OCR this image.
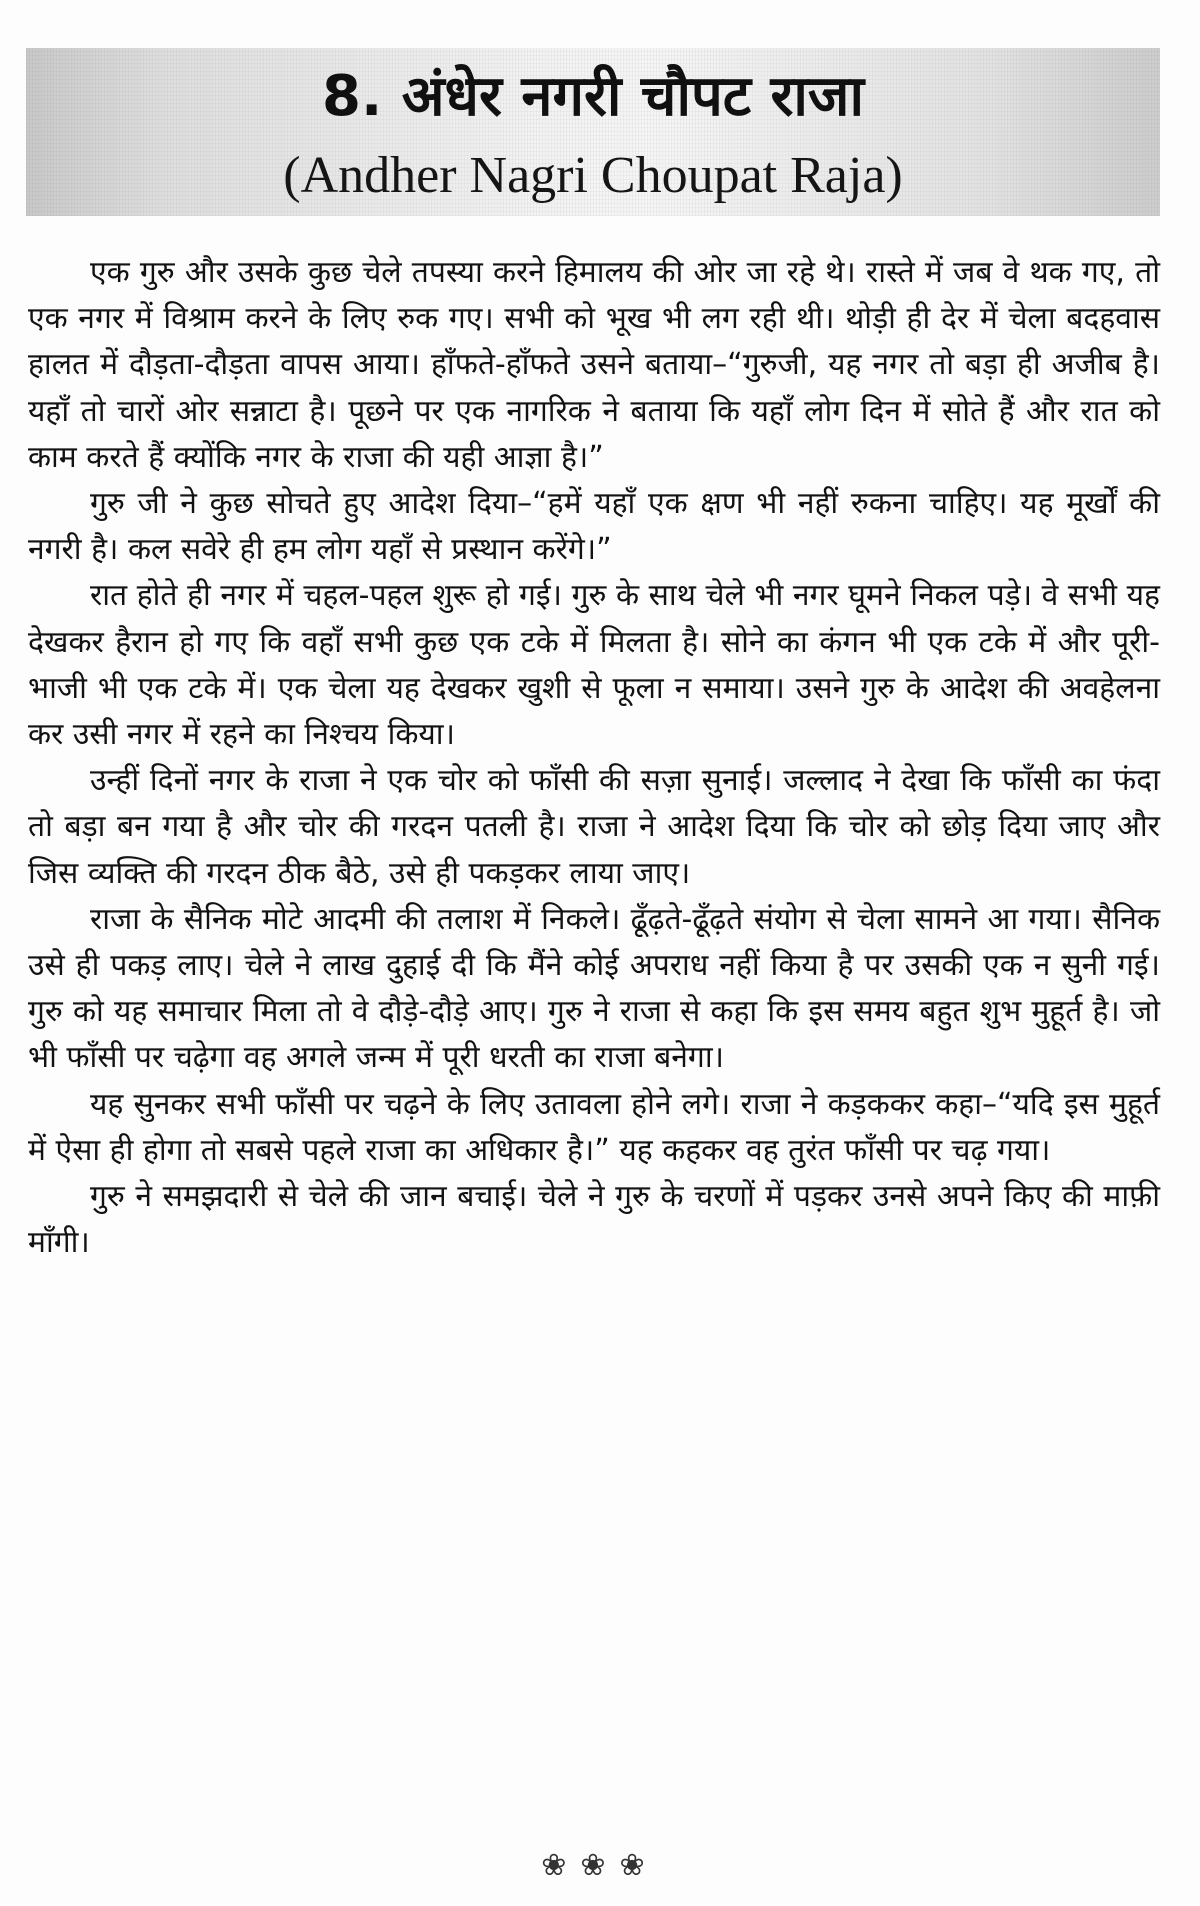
8. अंधेर नगरी चौपट राजा
(Andher Nagri Choupat Raja)

एक गुरु और उसके कुछ चेले तपस्या करने हिमालय की ओर जा रहे थे। रास्ते में जब वे थक गए, तो एक नगर में विश्राम करने के लिए रुक गए। सभी को भूख भी लग रही थी। थोड़ी ही देर में चेला बदहवास हालत में दौड़ता-दौड़ता वापस आया। हाँफते-हाँफते उसने बताया–“गुरुजी, यह नगर तो बड़ा ही अजीब है। यहाँ तो चारों ओर सन्नाटा है। पूछने पर एक नागरिक ने बताया कि यहाँ लोग दिन में सोते हैं और रात को काम करते हैं क्योंकि नगर के राजा की यही आज्ञा है।”

गुरु जी ने कुछ सोचते हुए आदेश दिया–“हमें यहाँ एक क्षण भी नहीं रुकना चाहिए। यह मूर्खों की नगरी है। कल सवेरे ही हम लोग यहाँ से प्रस्थान करेंगे।”

रात होते ही नगर में चहल-पहल शुरू हो गई। गुरु के साथ चेले भी नगर घूमने निकल पड़े। वे सभी यह देखकर हैरान हो गए कि वहाँ सभी कुछ एक टके में मिलता है। सोने का कंगन भी एक टके में और पूरी-भाजी भी एक टके में। एक चेला यह देखकर खुशी से फूला न समाया। उसने गुरु के आदेश की अवहेलना कर उसी नगर में रहने का निश्चय किया।

उन्हीं दिनों नगर के राजा ने एक चोर को फाँसी की सज़ा सुनाई। जल्लाद ने देखा कि फाँसी का फंदा तो बड़ा बन गया है और चोर की गरदन पतली है। राजा ने आदेश दिया कि चोर को छोड़ दिया जाए और जिस व्यक्ति की गरदन ठीक बैठे, उसे ही पकड़कर लाया जाए।

राजा के सैनिक मोटे आदमी की तलाश में निकले। ढूँढ़ते-ढूँढ़ते संयोग से चेला सामने आ गया। सैनिक उसे ही पकड़ लाए। चेले ने लाख दुहाई दी कि मैंने कोई अपराध नहीं किया है पर उसकी एक न सुनी गई। गुरु को यह समाचार मिला तो वे दौड़े-दौड़े आए। गुरु ने राजा से कहा कि इस समय बहुत शुभ मुहूर्त है। जो भी फाँसी पर चढ़ेगा वह अगले जन्म में पूरी धरती का राजा बनेगा।

यह सुनकर सभी फाँसी पर चढ़ने के लिए उतावला होने लगे। राजा ने कड़ककर कहा–“यदि इस मुहूर्त में ऐसा ही होगा तो सबसे पहले राजा का अधिकार है।” यह कहकर वह तुरंत फाँसी पर चढ़ गया।

गुरु ने समझदारी से चेले की जान बचाई। चेले ने गुरु के चरणों में पड़कर उनसे अपने किए की माफ़ी माँगी।

❀❀❀
